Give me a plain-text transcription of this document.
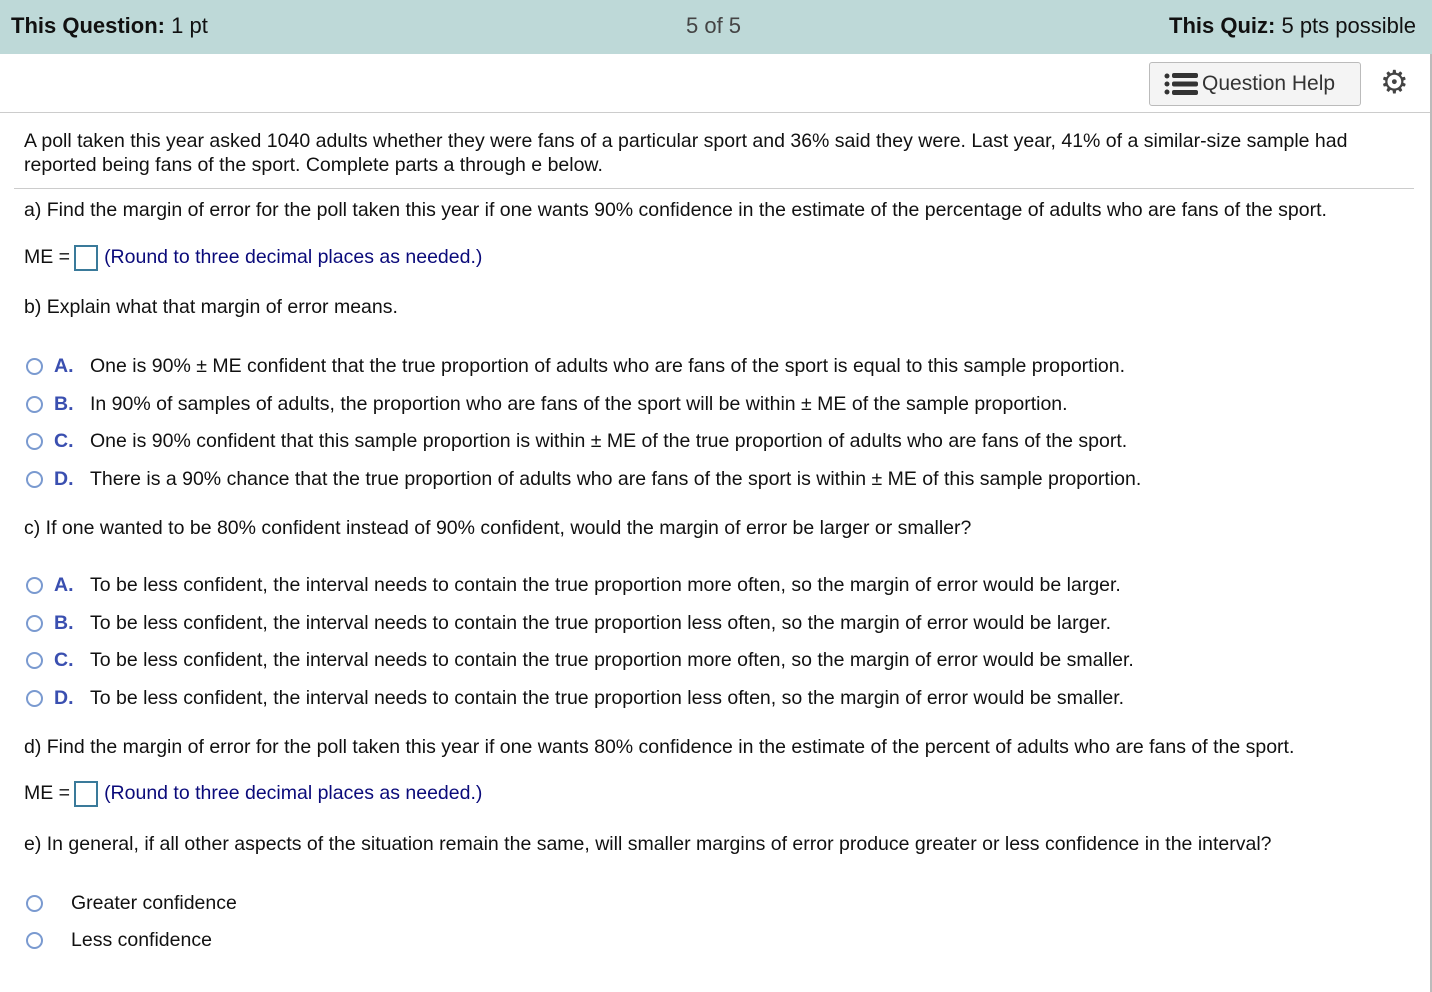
This Question: 1 pt	5 of 5	This Quiz: 5 pts possible
Question Help ⚙
A poll taken this year asked 1040 adults whether they were fans of a particular sport and 36% said they were. Last year, 41% of a similar-size sample had
reported being fans of the sport. Complete parts a through e below.
a) Find the margin of error for the poll taken this year if one wants 90% confidence in the estimate of the percentage of adults who are fans of the sport.
ME = (Round to three decimal places as needed.)
b) Explain what that margin of error means.
A. One is 90% ± ME confident that the true proportion of adults who are fans of the sport is equal to this sample proportion.
B. In 90% of samples of adults, the proportion who are fans of the sport will be within ± ME of the sample proportion.
C. One is 90% confident that this sample proportion is within ± ME of the true proportion of adults who are fans of the sport.
D. There is a 90% chance that the true proportion of adults who are fans of the sport is within ± ME of this sample proportion.
c) If one wanted to be 80% confident instead of 90% confident, would the margin of error be larger or smaller?
A. To be less confident, the interval needs to contain the true proportion more often, so the margin of error would be larger.
B. To be less confident, the interval needs to contain the true proportion less often, so the margin of error would be larger.
C. To be less confident, the interval needs to contain the true proportion more often, so the margin of error would be smaller.
D. To be less confident, the interval needs to contain the true proportion less often, so the margin of error would be smaller.
d) Find the margin of error for the poll taken this year if one wants 80% confidence in the estimate of the percent of adults who are fans of the sport.
ME = (Round to three decimal places as needed.)
e) In general, if all other aspects of the situation remain the same, will smaller margins of error produce greater or less confidence in the interval?
Greater confidence
Less confidence
